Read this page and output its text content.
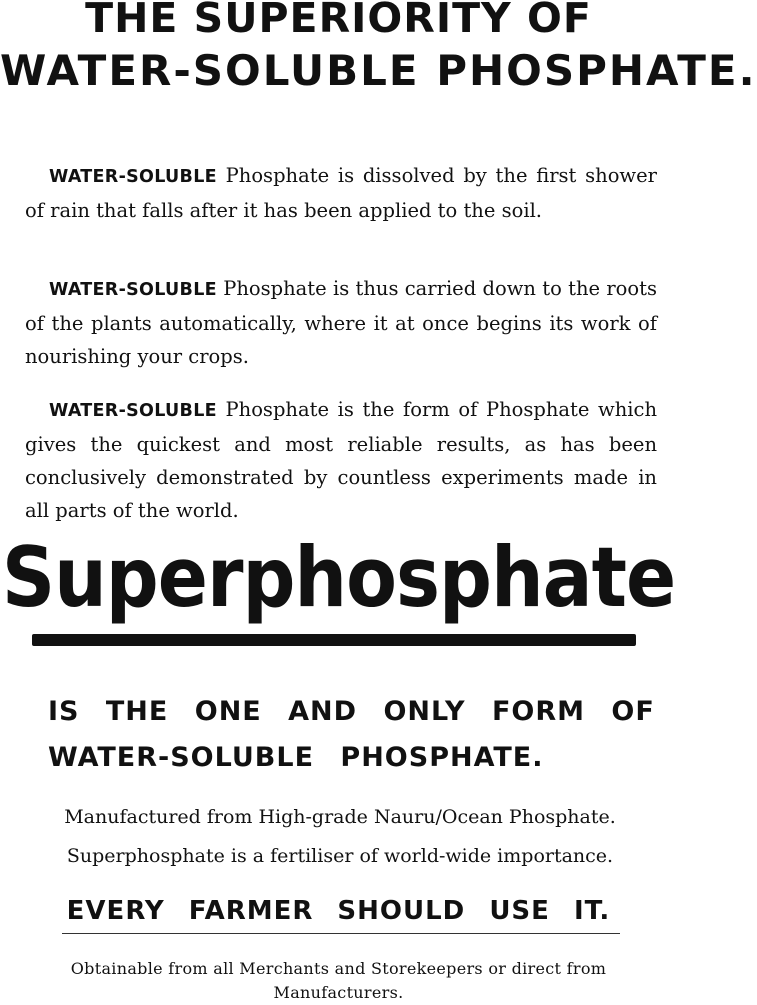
THE SUPERIORITY OF
WATER-SOLUBLE PHOSPHATE.

WATER-SOLUBLE Phosphate is dissolved by the first shower of rain that falls after it has been applied to the soil.

WATER-SOLUBLE Phosphate is thus carried down to the roots of the plants automatically, where it at once begins its work of nourishing your crops.

WATER-SOLUBLE Phosphate is the form of Phosphate which gives the quickest and most reliable results, as has been conclusively demonstrated by countless experiments made in all parts of the world.

Superphosphate
IS THE ONE AND ONLY FORM OF
WATER-SOLUBLE PHOSPHATE.
Manufactured from High-grade Nauru/Ocean Phosphate.
Superphosphate is a fertiliser of world-wide importance.
EVERY FARMER SHOULD USE IT.
Obtainable from all Merchants and Storekeepers or direct from Manufacturers.
